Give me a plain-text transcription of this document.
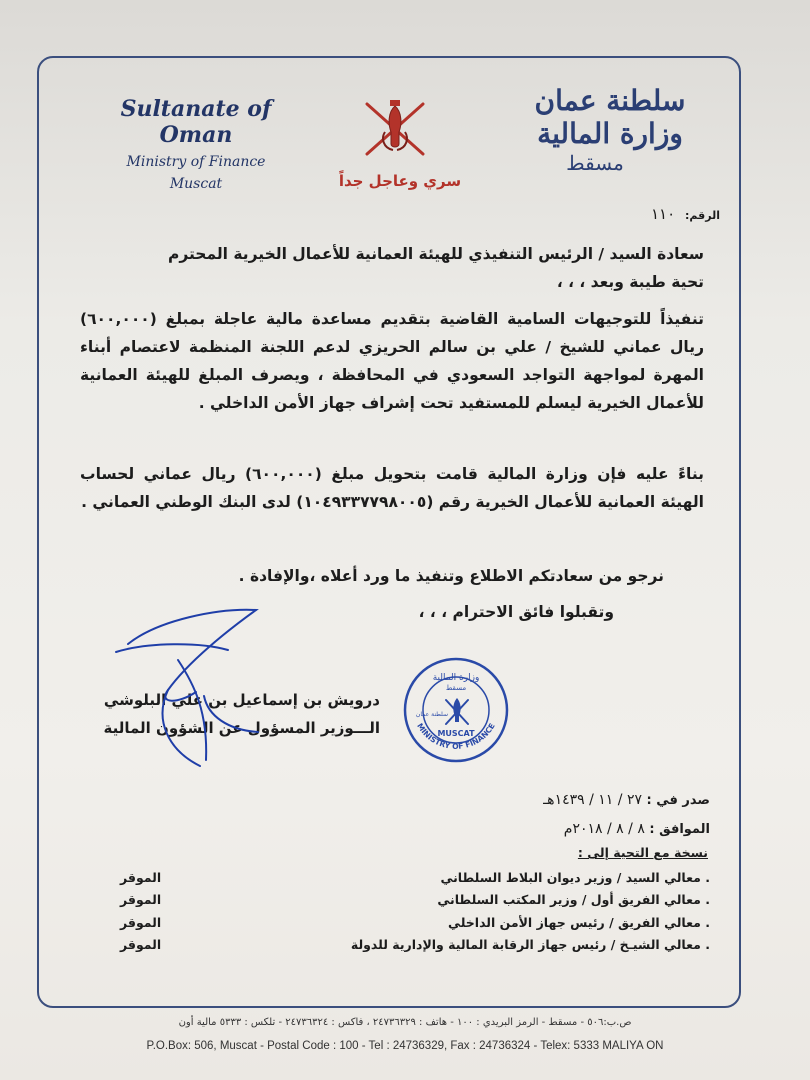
Sultanate of Oman

Ministry of Finance

Muscat

سلطنة عمان
وزارة المالية
مسقط
سري وعاجل جداً
الرقم: ١١٠
سعادة السيد / الرئيس التنفيذي للهيئة العمانية للأعمال الخيرية المحترم
تحية طيبة وبعد ، ، ،
تنفيذاً للتوجيهات السامية القاضية بتقديم مساعدة مالية عاجلة بمبلغ (٦٠٠,٠٠٠) ريال عماني للشيخ / علي بن سالم الحريزي لدعم اللجنة المنظمة لاعتصام أبناء المهرة لمواجهة التواجد السعودي في المحافظة ، ويصرف المبلغ للهيئة العمانية للأعمال الخيرية ليسلم للمستفيد تحت إشراف جهاز الأمن الداخلي .
بناءً عليه فإن وزارة المالية قامت بتحويل مبلغ (٦٠٠,٠٠٠) ريال عماني لحساب الهيئة العمانية للأعمال الخيرية رقم (١٠٤٩٣٣٧٧٩٨٠٠٥) لدى البنك الوطني العماني .
نرجو من سعادتكم الاطلاع وتنفيذ ما ورد أعلاه ،والإفادة .
وتقبلوا فائق الاحترام ، ، ،
درويش بن إسماعيل بن علي البلوشي
الـــوزير المسؤول عن الشؤون المالية	MINISTRY OF FINANCE
وزارة المالية
مسقط
سلطنة عمان
MUSCAT
صدر في : ٢٧ / ١١ / ١٤٣٩هـ
الموافق : ٨ / ٨ / ٢٠١٨م
نسخة مع التحية إلى :
. معالي السيد / وزير ديوان البلاط السلطاني
الموقر
. معالي الفريق أول / وزير المكتب السلطاني
الموقر
. معالي الفريق / رئيس جهاز الأمن الداخلي
الموقر
. معالي الشيـخ / رئيس جهاز الرقابة المالية والإدارية للدولة
الموقر
ص.ب:٥٠٦ - مسقط - الرمز البريدي : ١٠٠ - هاتف : ٢٤٧٣٦٣٢٩ ، فاكس : ٢٤٧٣٦٣٢٤ - تلكس : ٥٣٣٣ مالية أون
P.O.Box: 506, Muscat - Postal Code : 100 - Tel : 24736329, Fax : 24736324 - Telex: 5333 MALIYA ON
